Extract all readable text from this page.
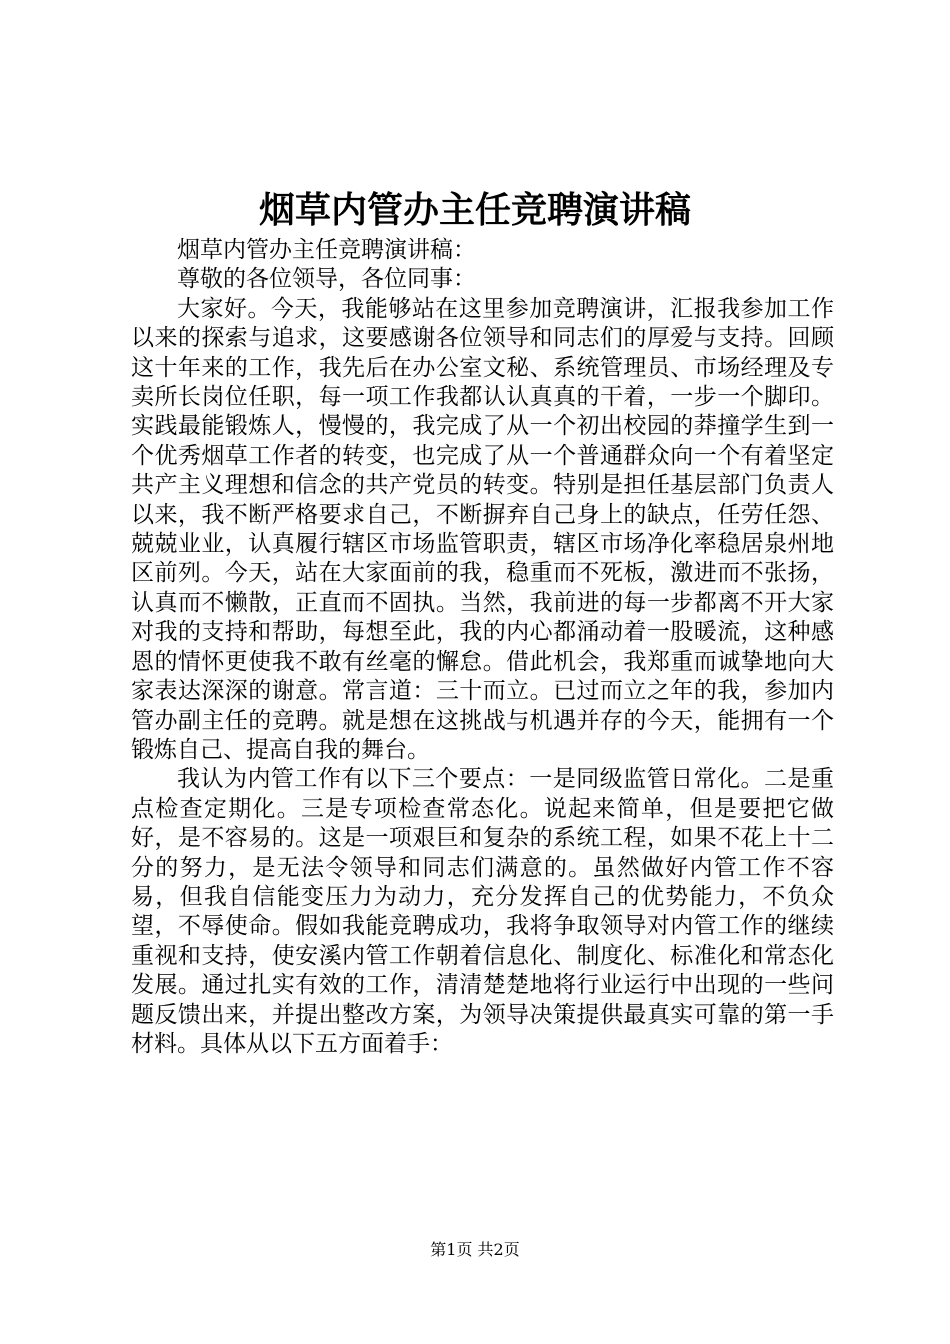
烟草内管办主任竞聘演讲稿

烟草内管办主任竞聘演讲稿：

尊敬的各位领导，各位同事：

大家好。今天，我能够站在这里参加竞聘演讲，汇报我参加工作以来的探索与追求，这要感谢各位领导和同志们的厚爱与支持。回顾这十年来的工作，我先后在办公室文秘、系统管理员、市场经理及专卖所长岗位任职，每一项工作我都认认真真的干着，一步一个脚印。实践最能锻炼人，慢慢的，我完成了从一个初出校园的莽撞学生到一个优秀烟草工作者的转变，也完成了从一个普通群众向一个有着坚定共产主义理想和信念的共产党员的转变。特别是担任基层部门负责人以来，我不断严格要求自己，不断摒弃自己身上的缺点，任劳任怨、兢兢业业，认真履行辖区市场监管职责，辖区市场净化率稳居泉州地区前列。今天，站在大家面前的我，稳重而不死板，激进而不张扬，认真而不懒散，正直而不固执。当然，我前进的每一步都离不开大家对我的支持和帮助，每想至此，我的内心都涌动着一股暖流，这种感恩的情怀更使我不敢有丝毫的懈怠。借此机会，我郑重而诚挚地向大家表达深深的谢意。常言道：三十而立。已过而立之年的我，参加内管办副主任的竞聘。就是想在这挑战与机遇并存的今天，能拥有一个锻炼自己、提高自我的舞台。

我认为内管工作有以下三个要点：一是同级监管日常化。二是重点检查定期化。三是专项检查常态化。说起来简单，但是要把它做好，是不容易的。这是一项艰巨和复杂的系统工程，如果不花上十二分的努力，是无法令领导和同志们满意的。虽然做好内管工作不容易，但我自信能变压力为动力，充分发挥自己的优势能力，不负众望，不辱使命。假如我能竞聘成功，我将争取领导对内管工作的继续重视和支持，使安溪内管工作朝着信息化、制度化、标准化和常态化发展。通过扎实有效的工作，清清楚楚地将行业运行中出现的一些问题反馈出来，并提出整改方案，为领导决策提供最真实可靠的第一手材料。具体从以下五方面着手：

第1页 共2页
